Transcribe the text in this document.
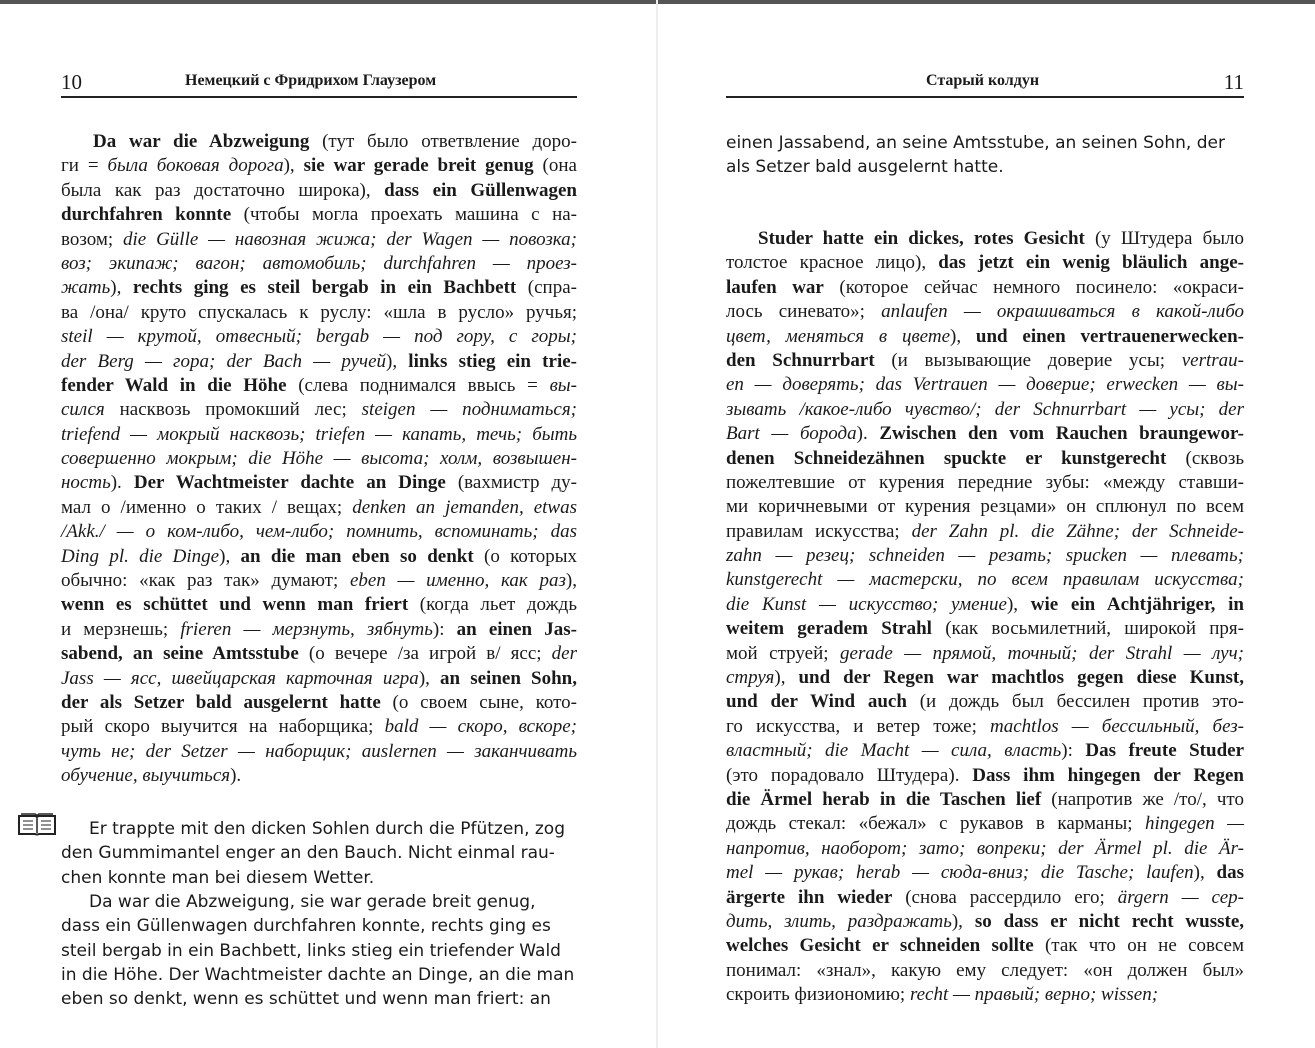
10	Немецкий с Фридрихом Глаузером
Da war die Abzweigung (тут было ответвление доро-
ги = была боковая дорога), sie war gerade breit genug (она
была как раз достаточно широка), dass ein Güllenwagen
durchfahren konnte (чтобы могла проехать машина с на-
возом; die Gülle — навозная жижа; der Wagen — повозка;
воз; экипаж; вагон; автомобиль; durchfahren — проез-
жать), rechts ging es steil bergab in ein Bachbett (спра-
ва /она/ круто спускалась к руслу: «шла в русло» ручья;
steil — крутой, отвесный; bergab — под гору, с горы;
der Berg — гора; der Bach — ручей), links stieg ein trie-
fender Wald in die Höhe (слева поднимался ввысь = вы-
сился насквозь промокший лес; steigen — подниматься;
triefend — мокрый насквозь; triefen — капать, течь; быть
совершенно мокрым; die Höhe — высота; холм, возвышен-
ность). Der Wachtmeister dachte an Dinge (вахмистр ду-
мал о /именно о таких / вещах; denken an jemanden, etwas
/Akk./ — о ком-либо, чем-либо; помнить, вспоминать; das
Ding pl. die Dinge), an die man eben so denkt (о которых
обычно: «как раз так» думают; eben — именно, как раз),
wenn es schüttet und wenn man friert (когда льет дождь
и мерзнешь; frieren — мерзнуть, зябнуть): an einen Jas-
sabend, an seine Amtsstube (о вечере /за игрой в/ ясс; der
Jass — ясс, швейцарская карточная игра), an seinen Sohn,
der als Setzer bald ausgelernt hatte (о своем сыне, кото-
рый скоро выучится на наборщика; bald — скоро, вскоре;
чуть не; der Setzer — наборщик; auslernen — заканчивать
обучение, выучиться).
Er trappte mit den dicken Sohlen durch die Pfützen, zog
den Gummimantel enger an den Bauch. Nicht einmal rau-
chen konnte man bei diesem Wetter.
Da war die Abzweigung, sie war gerade breit genug,
dass ein Güllenwagen durchfahren konnte, rechts ging es
steil bergab in ein Bachbett, links stieg ein triefender Wald
in die Höhe. Der Wachtmeister dachte an Dinge, an die man
eben so denkt, wenn es schüttet und wenn man friert: an
Старый колдун	11
einen Jassabend, an seine Amtsstube, an seinen Sohn, der
als Setzer bald ausgelernt hatte.
Studer hatte ein dickes, rotes Gesicht (у Штудера было
толстое красное лицо), das jetzt ein wenig bläulich ange-
laufen war (которое сейчас немного посинело: «окраси-
лось синевато»; anlaufen — окрашиваться в какой-либо
цвет, меняться в цвете), und einen vertrauenerwecken-
den Schnurrbart (и вызывающие доверие усы; vertrau-
en — доверять; das Vertrauen — доверие; erwecken — вы-
зывать /какое-либо чувство/; der Schnurrbart — усы; der
Bart — борода). Zwischen den vom Rauchen braungewor-
denen Schneidezähnen spuckte er kunstgerecht (сквозь
пожелтевшие от курения передние зубы: «между ставши-
ми коричневыми от курения резцами» он сплюнул по всем
правилам искусства; der Zahn pl. die Zähne; der Schneide-
zahn — резец; schneiden — резать; spucken — плевать;
kunstgerecht — мастерски, по всем правилам искусства;
die Kunst — искусство; умение), wie ein Achtjähriger, in
weitem geradem Strahl (как восьмилетний, широкой пря-
мой струей; gerade — прямой, точный; der Strahl — луч;
струя), und der Regen war machtlos gegen diese Kunst,
und der Wind auch (и дождь был бессилен против это-
го искусства, и ветер тоже; machtlos — бессильный, без-
властный; die Macht — сила, власть): Das freute Studer
(это порадовало Штудера). Dass ihm hingegen der Regen
die Ärmel herab in die Taschen lief (напротив же /то/, что
дождь стекал: «бежал» с рукавов в карманы; hingegen —
напротив, наоборот; зато; вопреки; der Ärmel pl. die Är-
mel — рукав; herab — сюда-вниз; die Tasche; laufen), das
ärgerte ihn wieder (снова рассердило его; ärgern — сер-
дить, злить, раздражать), so dass er nicht recht wusste,
welches Gesicht er schneiden sollte (так что он не совсем
понимал: «знал», какую ему следует: «он должен был»
скроить физиономию; recht — правый; верно; wissen;
